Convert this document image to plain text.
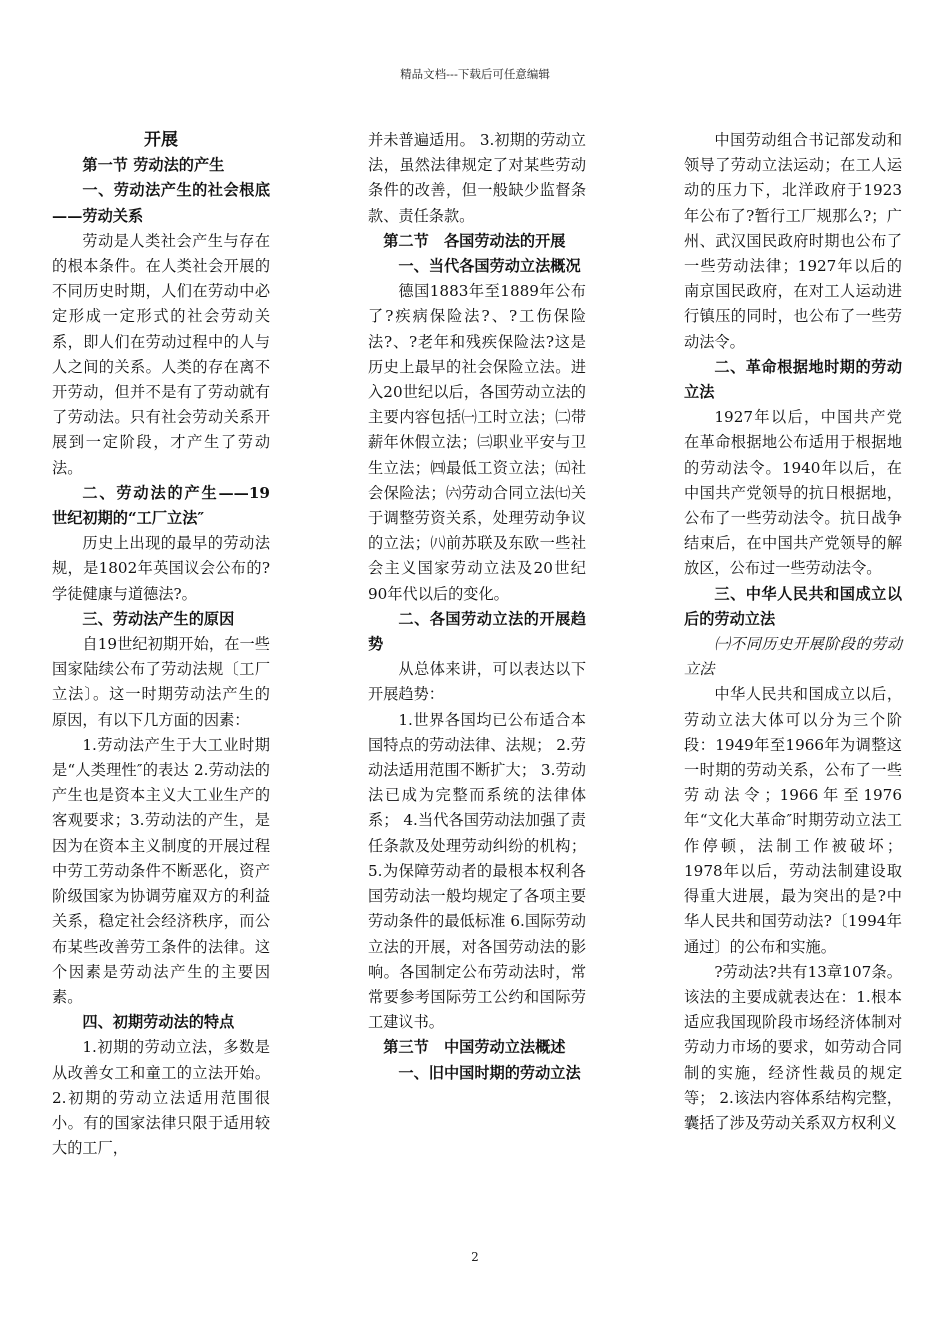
精品文档---下载后可任意编辑

开展

第一节 劳动法的产生

一、劳动法产生的社会根底——劳动关系

劳动是人类社会产生与存在的根本条件。在人类社会开展的不同历史时期，人们在劳动中必定形成一定形式的社会劳动关系，即人们在劳动过程中的人与人之间的关系。人类的存在离不开劳动，但并不是有了劳动就有了劳动法。只有社会劳动关系开展到一定阶段，才产生了劳动法。

二、劳动法的产生——19世纪初期的“工厂立法″

历史上出现的最早的劳动法规，是1802年英国议会公布的?学徒健康与道德法?。

三、劳动法产生的原因

自19世纪初期开始，在一些国家陆续公布了劳动法规〔工厂立法〕。这一时期劳动法产生的原因，有以下几方面的因素：

1.劳动法产生于大工业时期是“人类理性″的表达 2.劳动法的产生也是资本主义大工业生产的客观要求；3.劳动法的产生，是因为在资本主义制度的开展过程中劳工劳动条件不断恶化，资产阶级国家为协调劳雇双方的利益关系，稳定社会经济秩序，而公布某些改善劳工条件的法律。这个因素是劳动法产生的主要因素。

四、初期劳动法的特点

1.初期的劳动立法，多数是从改善女工和童工的立法开始。 2.初期的劳动立法适用范围很小。有的国家法律只限于适用较大的工厂，

并未普遍适用。 3.初期的劳动立法，虽然法律规定了对某些劳动条件的改善，但一般缺少监督条款、责任条款。

第二节　各国劳动法的开展

一、当代各国劳动立法概况

德国1883年至1889年公布了?疾病保险法?、?工伤保险法?、?老年和残疾保险法?这是历史上最早的社会保险立法。进入20世纪以后，各国劳动立法的主要内容包括㈠工时立法；㈡带薪年休假立法；㈢职业平安与卫生立法；㈣最低工资立法；㈤社会保险法；㈥劳动合同立法㈦关于调整劳资关系，处理劳动争议的立法；㈧前苏联及东欧一些社会主义国家劳动立法及20世纪90年代以后的变化。

二、各国劳动立法的开展趋势

从总体来讲，可以表达以下开展趋势：

1.世界各国均已公布适合本国特点的劳动法律、法规； 2.劳动法适用范围不断扩大； 3.劳动法已成为完整而系统的法律体系； 4.当代各国劳动法加强了责任条款及处理劳动纠纷的机构； 5.为保障劳动者的最根本权利各国劳动法一般均规定了各项主要劳动条件的最低标准 6.国际劳动立法的开展，对各国劳动法的影响。各国制定公布劳动法时，常常要参考国际劳工公约和国际劳工建议书。

第三节　中国劳动立法概述

一、旧中国时期的劳动立法

中国劳动组合书记部发动和领导了劳动立法运动；在工人运动的压力下，北洋政府于1923年公布了?暂行工厂规那么?；广州、武汉国民政府时期也公布了一些劳动法律；1927年以后的南京国民政府，在对工人运动进行镇压的同时，也公布了一些劳动法令。

二、革命根据地时期的劳动立法

1927年以后，中国共产党在革命根据地公布适用于根据地的劳动法令。1940年以后，在中国共产党领导的抗日根据地，公布了一些劳动法令。抗日战争结束后，在中国共产党领导的解放区，公布过一些劳动法令。

三、中华人民共和国成立以后的劳动立法

㈠不同历史开展阶段的劳动立法

中华人民共和国成立以后，劳动立法大体可以分为三个阶段：1949年至1966年为调整这一时期的劳动关系，公布了一些劳动法令；1966年至1976年“文化大革命″时期劳动立法工作停顿，法制工作被破坏；1978年以后，劳动法制建设取得重大进展，最为突出的是?中华人民共和国劳动法?〔1994年通过〕的公布和实施。

?劳动法?共有13章107条。该法的主要成就表达在：1.根本适应我国现阶段市场经济体制对劳动力市场的要求，如劳动合同制的实施，经济性裁员的规定等； 2.该法内容体系结构完整，囊括了涉及劳动关系双方权利义

2
